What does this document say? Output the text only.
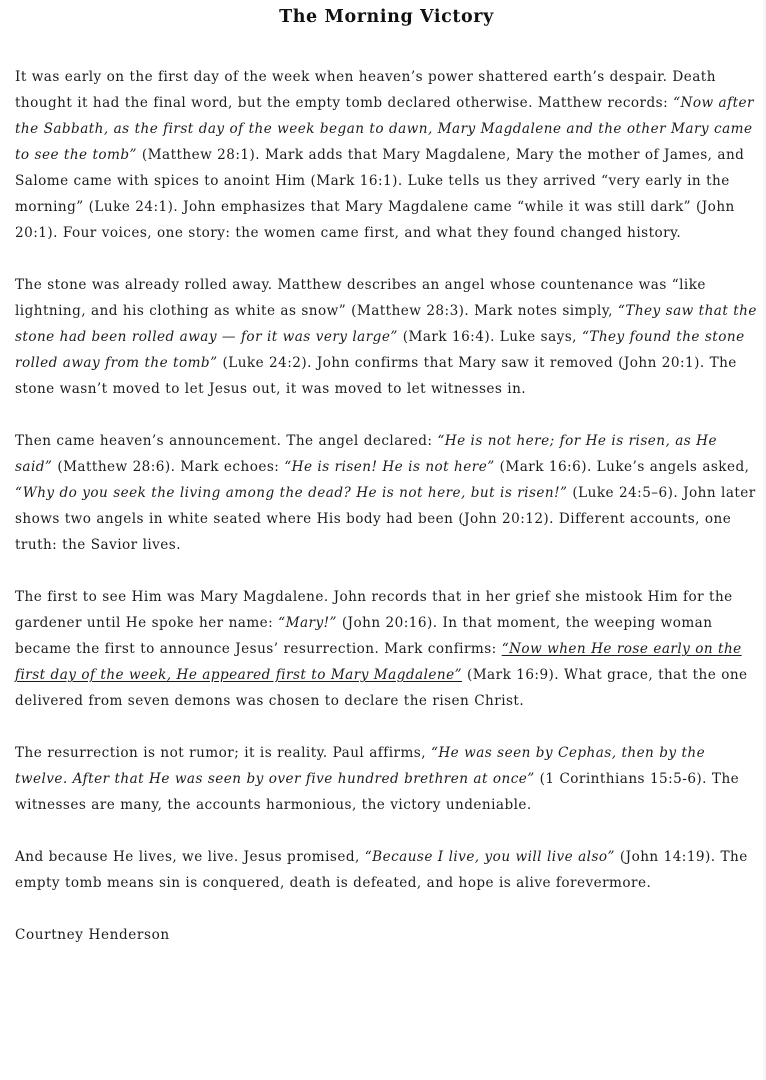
The Morning Victory

It was early on the first day of the week when heaven’s power shattered earth’s despair. Death thought it had the final word, but the empty tomb declared otherwise. Matthew records: “Now after the Sabbath, as the first day of the week began to dawn, Mary Magdalene and the other Mary came to see the tomb” (Matthew 28:1). Mark adds that Mary Magdalene, Mary the mother of James, and Salome came with spices to anoint Him (Mark 16:1). Luke tells us they arrived “very early in the morning” (Luke 24:1). John emphasizes that Mary Magdalene came “while it was still dark” (John 20:1). Four voices, one story: the women came first, and what they found changed history.

The stone was already rolled away. Matthew describes an angel whose countenance was “like lightning, and his clothing as white as snow” (Matthew 28:3). Mark notes simply, “They saw that the stone had been rolled away — for it was very large” (Mark 16:4). Luke says, “They found the stone rolled away from the tomb” (Luke 24:2). John confirms that Mary saw it removed (John 20:1). The stone wasn’t moved to let Jesus out, it was moved to let witnesses in.

Then came heaven’s announcement. The angel declared: “He is not here; for He is risen, as He said” (Matthew 28:6). Mark echoes: “He is risen! He is not here” (Mark 16:6). Luke’s angels asked, “Why do you seek the living among the dead? He is not here, but is risen!” (Luke 24:5–6). John later shows two angels in white seated where His body had been (John 20:12). Different accounts, one truth: the Savior lives.

The first to see Him was Mary Magdalene. John records that in her grief she mistook Him for the gardener until He spoke her name: “Mary!” (John 20:16). In that moment, the weeping woman became the first to announce Jesus’ resurrection. Mark confirms: “Now when He rose early on the first day of the week, He appeared first to Mary Magdalene” (Mark 16:9). What grace, that the one delivered from seven demons was chosen to declare the risen Christ.

The resurrection is not rumor; it is reality. Paul affirms, “He was seen by Cephas, then by the twelve. After that He was seen by over five hundred brethren at once” (1 Corinthians 15:5-6). The witnesses are many, the accounts harmonious, the victory undeniable.

And because He lives, we live. Jesus promised, “Because I live, you will live also” (John 14:19). The empty tomb means sin is conquered, death is defeated, and hope is alive forevermore.

Courtney Henderson
